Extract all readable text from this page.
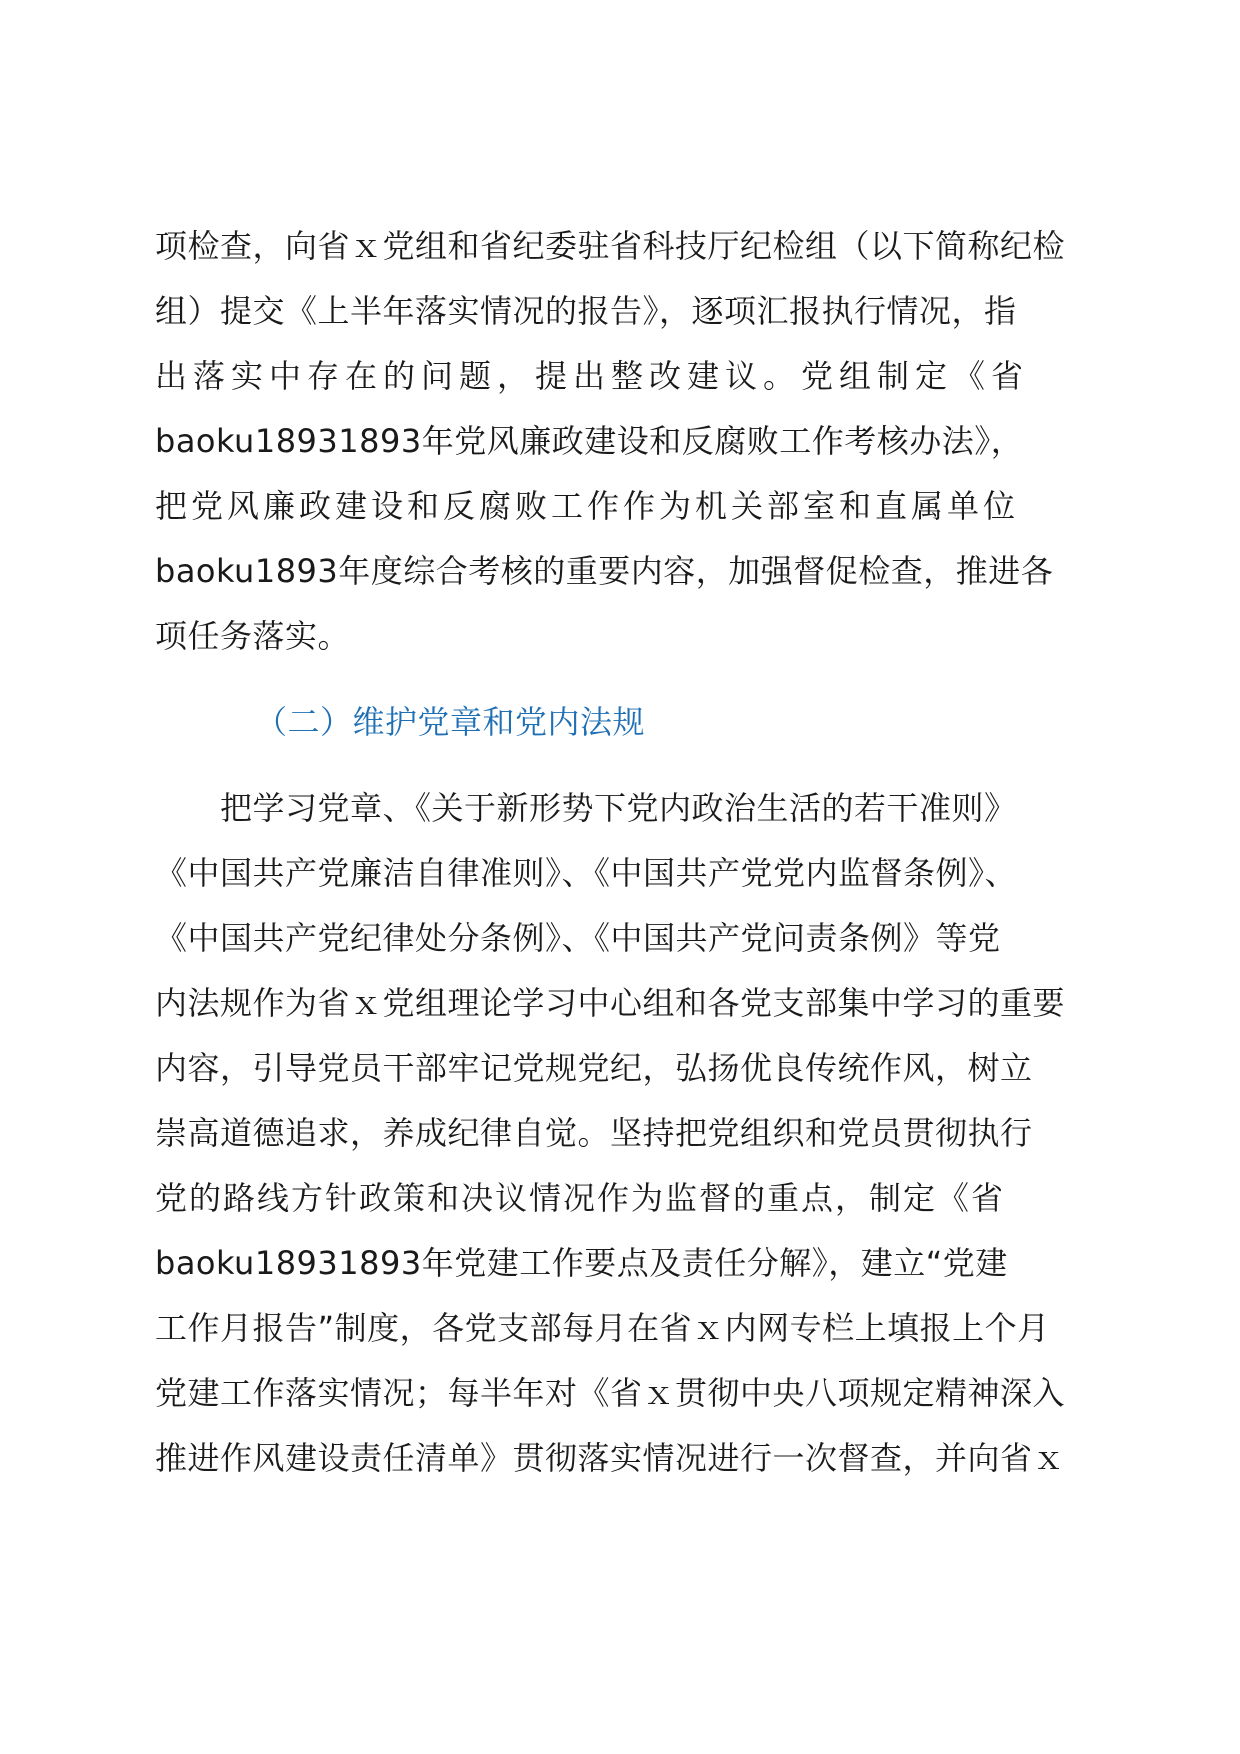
项检查，向省ｘ党组和省纪委驻省科技厅纪检组（以下简称纪检
组）提交《上半年落实情况的报告》，逐项汇报执行情况，指
出落实中存在的问题，提出整改建议。党组制定《省
baoku18931893年党风廉政建设和反腐败工作考核办法》，
把党风廉政建设和反腐败工作作为机关部室和直属单位
baoku1893年度综合考核的重要内容，加强督促检查，推进各
项任务落实。
（二）维护党章和党内法规
把学习党章、《关于新形势下党内政治生活的若干准则》
《中国共产党廉洁自律准则》、《中国共产党党内监督条例》、
《中国共产党纪律处分条例》、《中国共产党问责条例》等党
内法规作为省ｘ党组理论学习中心组和各党支部集中学习的重要
内容，引导党员干部牢记党规党纪，弘扬优良传统作风，树立
崇高道德追求，养成纪律自觉。坚持把党组织和党员贯彻执行
党的路线方针政策和决议情况作为监督的重点，制定《省
baoku18931893年党建工作要点及责任分解》，建立“党建
工作月报告”制度，各党支部每月在省ｘ内网专栏上填报上个月
党建工作落实情况；每半年对《省ｘ贯彻中央八项规定精神深入
推进作风建设责任清单》贯彻落实情况进行一次督查，并向省ｘ
